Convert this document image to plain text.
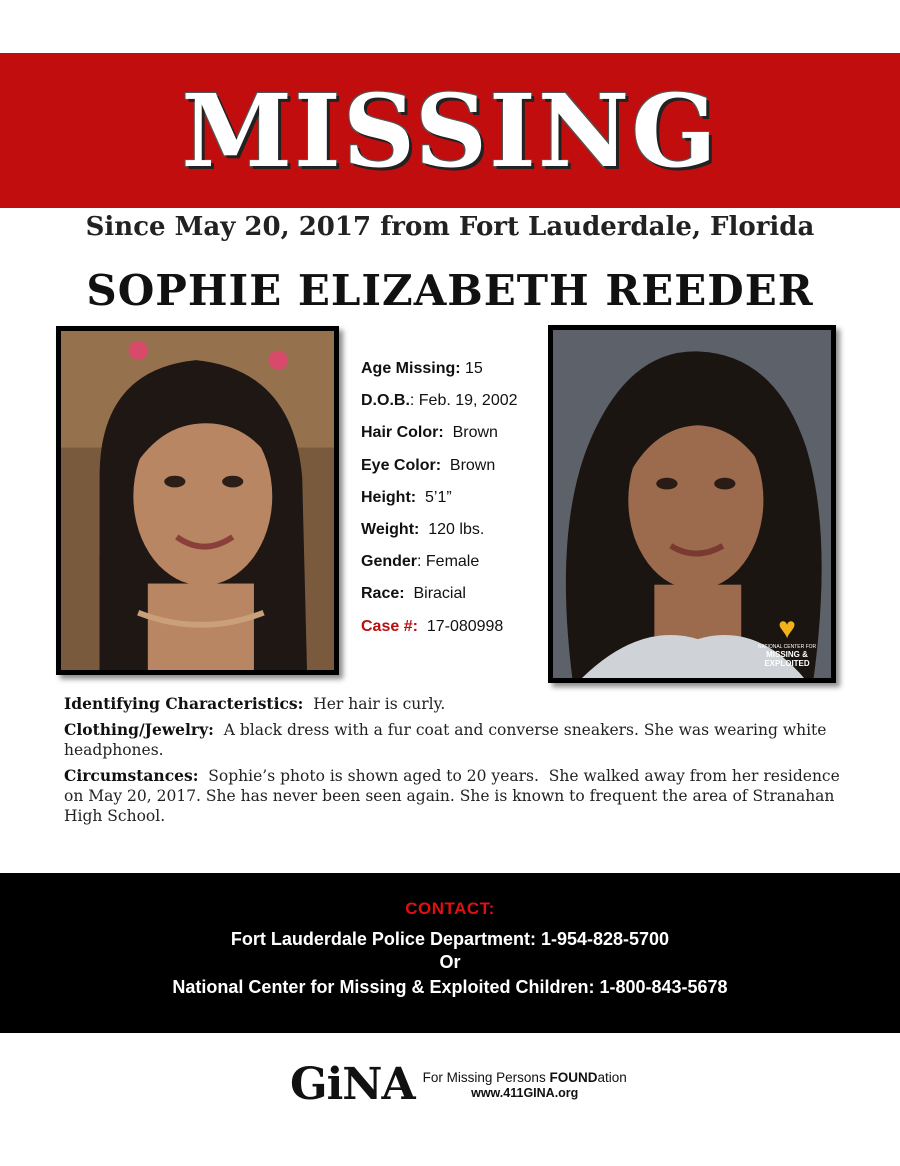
MISSING
Since May 20, 2017 from Fort Lauderdale, Florida
SOPHIE ELIZABETH REEDER
Age Missing: 15
D.O.B.: Feb. 19, 2002
Hair Color:  Brown
Eye Color:  Brown
Height:  5’1”
Weight:  120 lbs.
Gender: Female
Race:  Biracial
Case #:  17-080998	♥
NATIONAL CENTER FOR
MISSING & EXPLOITED

Identifying Characteristics:  Her hair is curly.

Clothing/Jewelry:  A black dress with a fur coat and converse sneakers. She was wearing white headphones.

Circumstances:  Sophie’s photo is shown aged to 20 years.  She walked away from her residence on May 20, 2017. She has never been seen again. She is known to frequent the area of Stranahan High School.

CONTACT:
Fort Lauderdale Police Department: 1-954-828-5700
Or
National Center for Missing & Exploited Children: 1-800-843-5678
GiNA For Missing Persons FOUNDation
www.411GINA.org
